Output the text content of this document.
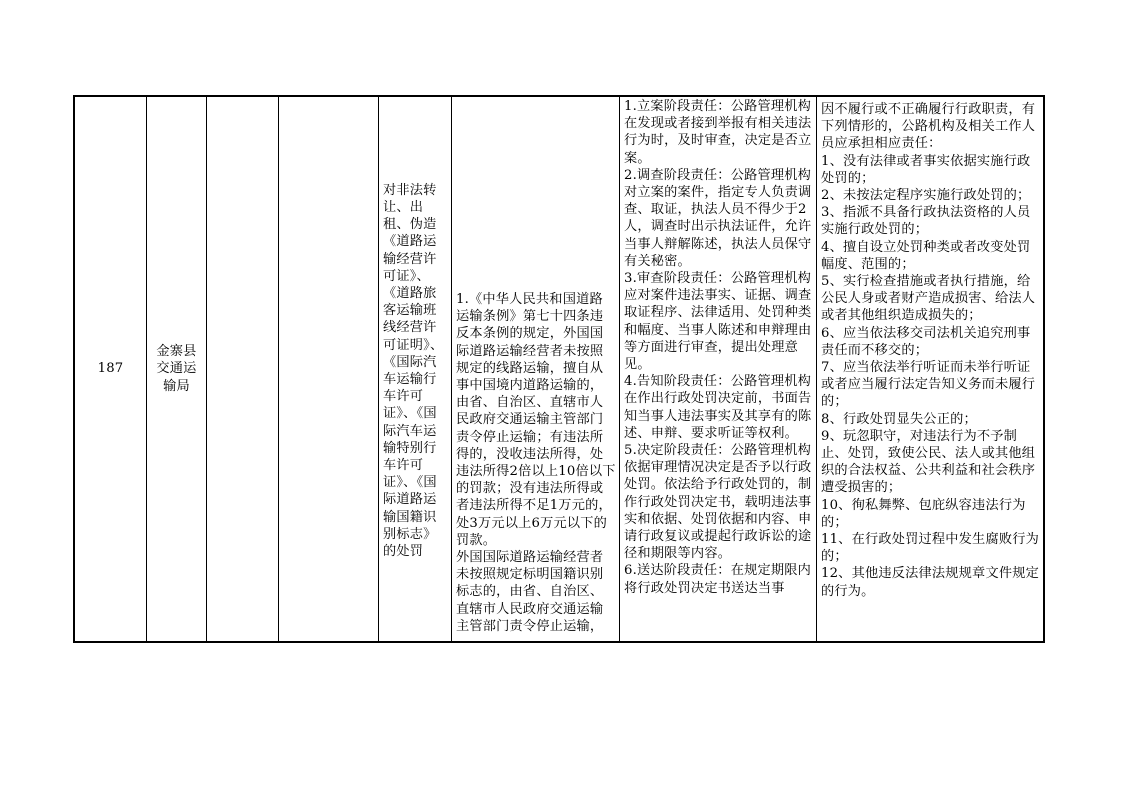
187
金寨县交通运输局
对非法转让、出租、伪造《道路运输经营许可证》、《道路旅客运输班线经营许可证明》、《国际汽车运输行车许可证》、《国际汽车运输特别行车许可证》、《国际道路运输国籍识别标志》的处罚
1.《中华人民共和国道路运输条例》第七十四条违反本条例的规定，外国国际道路运输经营者未按照规定的线路运输，擅自从事中国境内道路运输的，由省、自治区、直辖市人民政府交通运输主管部门责令停止运输；有违法所得的，没收违法所得，处违法所得2倍以上10倍以下的罚款；没有违法所得或者违法所得不足1万元的，处3万元以上6万元以下的罚款。
外国国际道路运输经营者未按照规定标明国籍识别标志的，由省、自治区、直辖市人民政府交通运输主管部门责令停止运输，
1.立案阶段责任：公路管理机构在发现或者接到举报有相关违法行为时，及时审查，决定是否立案。
2.调查阶段责任：公路管理机构对立案的案件，指定专人负责调查、取证，执法人员不得少于2人，调查时出示执法证件，允许当事人辩解陈述，执法人员保守有关秘密。
3.审查阶段责任：公路管理机构应对案件违法事实、证据、调查取证程序、法律适用、处罚种类和幅度、当事人陈述和申辩理由等方面进行审查，提出处理意见。
4.告知阶段责任：公路管理机构在作出行政处罚决定前，书面告知当事人违法事实及其享有的陈述、申辩、要求听证等权利。
5.决定阶段责任：公路管理机构依据审理情况决定是否予以行政处罚。依法给予行政处罚的，制作行政处罚决定书，载明违法事实和依据、处罚依据和内容、申请行政复议或提起行政诉讼的途径和期限等内容。
6.送达阶段责任：在规定期限内将行政处罚决定书送达当事
因不履行或不正确履行行政职责，有下列情形的，公路机构及相关工作人员应承担相应责任：
1、没有法律或者事实依据实施行政处罚的；
2、未按法定程序实施行政处罚的；
3、指派不具备行政执法资格的人员实施行政处罚的；
4、擅自设立处罚种类或者改变处罚幅度、范围的；
5、实行检查措施或者执行措施，给公民人身或者财产造成损害、给法人或者其他组织造成损失的；
6、应当依法移交司法机关追究刑事责任而不移交的；
7、应当依法举行听证而未举行听证或者应当履行法定告知义务而未履行的；
8、行政处罚显失公正的；
9、玩忽职守，对违法行为不予制止、处罚，致使公民、法人或其他组织的合法权益、公共利益和社会秩序遭受损害的；
10、徇私舞弊、包庇纵容违法行为的；
11、在行政处罚过程中发生腐败行为的；
12、其他违反法律法规规章文件规定的行为。
